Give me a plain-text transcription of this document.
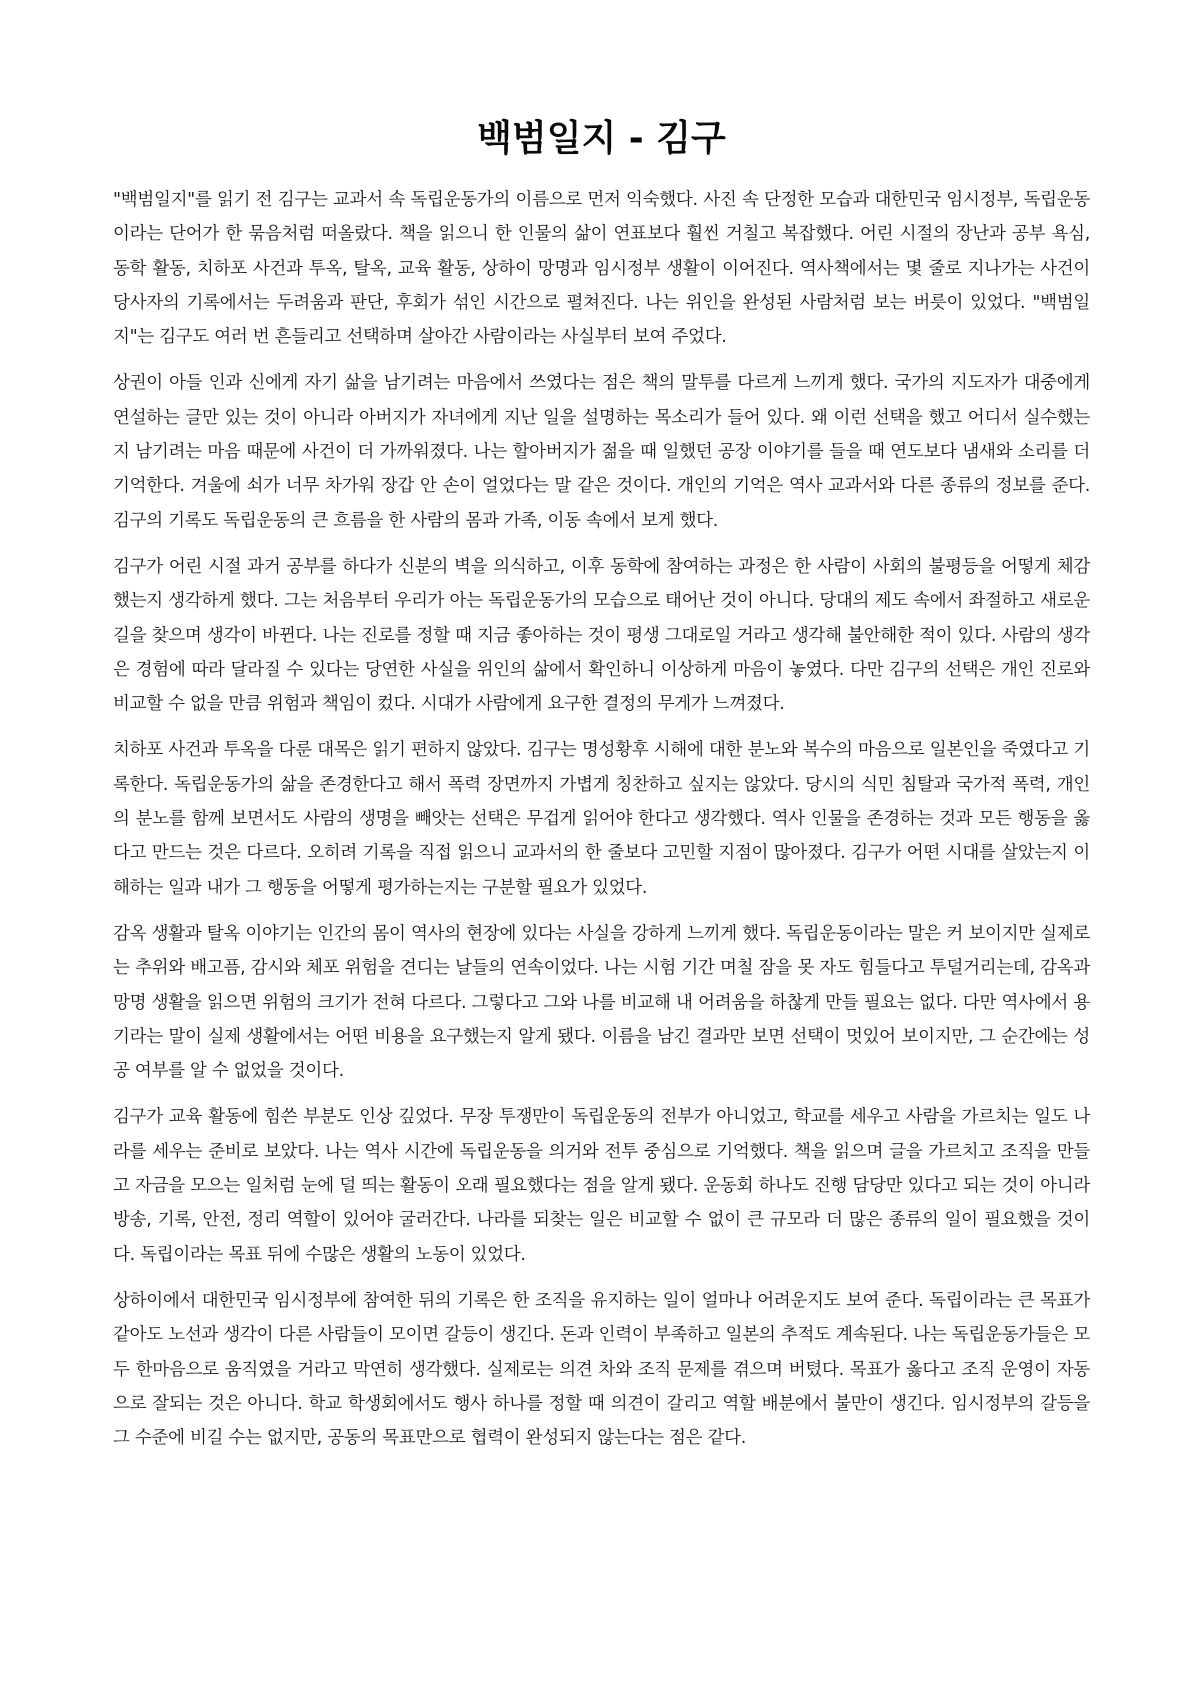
백범일지 - 김구

"백범일지"를 읽기 전 김구는 교과서 속 독립운동가의 이름으로 먼저 익숙했다. 사진 속 단정한 모습과 대한민국 임시정부, 독립운동이라는 단어가 한 묶음처럼 떠올랐다. 책을 읽으니 한 인물의 삶이 연표보다 훨씬 거칠고 복잡했다. 어린 시절의 장난과 공부 욕심, 동학 활동, 치하포 사건과 투옥, 탈옥, 교육 활동, 상하이 망명과 임시정부 생활이 이어진다. 역사책에서는 몇 줄로 지나가는 사건이 당사자의 기록에서는 두려움과 판단, 후회가 섞인 시간으로 펼쳐진다. 나는 위인을 완성된 사람처럼 보는 버릇이 있었다. "백범일지"는 김구도 여러 번 흔들리고 선택하며 살아간 사람이라는 사실부터 보여 주었다.

상권이 아들 인과 신에게 자기 삶을 남기려는 마음에서 쓰였다는 점은 책의 말투를 다르게 느끼게 했다. 국가의 지도자가 대중에게 연설하는 글만 있는 것이 아니라 아버지가 자녀에게 지난 일을 설명하는 목소리가 들어 있다. 왜 이런 선택을 했고 어디서 실수했는지 남기려는 마음 때문에 사건이 더 가까워졌다. 나는 할아버지가 젊을 때 일했던 공장 이야기를 들을 때 연도보다 냄새와 소리를 더 기억한다. 겨울에 쇠가 너무 차가워 장갑 안 손이 얼었다는 말 같은 것이다. 개인의 기억은 역사 교과서와 다른 종류의 정보를 준다. 김구의 기록도 독립운동의 큰 흐름을 한 사람의 몸과 가족, 이동 속에서 보게 했다.

김구가 어린 시절 과거 공부를 하다가 신분의 벽을 의식하고, 이후 동학에 참여하는 과정은 한 사람이 사회의 불평등을 어떻게 체감했는지 생각하게 했다. 그는 처음부터 우리가 아는 독립운동가의 모습으로 태어난 것이 아니다. 당대의 제도 속에서 좌절하고 새로운 길을 찾으며 생각이 바뀐다. 나는 진로를 정할 때 지금 좋아하는 것이 평생 그대로일 거라고 생각해 불안해한 적이 있다. 사람의 생각은 경험에 따라 달라질 수 있다는 당연한 사실을 위인의 삶에서 확인하니 이상하게 마음이 놓였다. 다만 김구의 선택은 개인 진로와 비교할 수 없을 만큼 위험과 책임이 컸다. 시대가 사람에게 요구한 결정의 무게가 느껴졌다.

치하포 사건과 투옥을 다룬 대목은 읽기 편하지 않았다. 김구는 명성황후 시해에 대한 분노와 복수의 마음으로 일본인을 죽였다고 기록한다. 독립운동가의 삶을 존경한다고 해서 폭력 장면까지 가볍게 칭찬하고 싶지는 않았다. 당시의 식민 침탈과 국가적 폭력, 개인의 분노를 함께 보면서도 사람의 생명을 빼앗는 선택은 무겁게 읽어야 한다고 생각했다. 역사 인물을 존경하는 것과 모든 행동을 옳다고 만드는 것은 다르다. 오히려 기록을 직접 읽으니 교과서의 한 줄보다 고민할 지점이 많아졌다. 김구가 어떤 시대를 살았는지 이해하는 일과 내가 그 행동을 어떻게 평가하는지는 구분할 필요가 있었다.

감옥 생활과 탈옥 이야기는 인간의 몸이 역사의 현장에 있다는 사실을 강하게 느끼게 했다. 독립운동이라는 말은 커 보이지만 실제로는 추위와 배고픔, 감시와 체포 위험을 견디는 날들의 연속이었다. 나는 시험 기간 며칠 잠을 못 자도 힘들다고 투덜거리는데, 감옥과 망명 생활을 읽으면 위험의 크기가 전혀 다르다. 그렇다고 그와 나를 비교해 내 어려움을 하찮게 만들 필요는 없다. 다만 역사에서 용기라는 말이 실제 생활에서는 어떤 비용을 요구했는지 알게 됐다. 이름을 남긴 결과만 보면 선택이 멋있어 보이지만, 그 순간에는 성공 여부를 알 수 없었을 것이다.

김구가 교육 활동에 힘쓴 부분도 인상 깊었다. 무장 투쟁만이 독립운동의 전부가 아니었고, 학교를 세우고 사람을 가르치는 일도 나라를 세우는 준비로 보았다. 나는 역사 시간에 독립운동을 의거와 전투 중심으로 기억했다. 책을 읽으며 글을 가르치고 조직을 만들고 자금을 모으는 일처럼 눈에 덜 띄는 활동이 오래 필요했다는 점을 알게 됐다. 운동회 하나도 진행 담당만 있다고 되는 것이 아니라 방송, 기록, 안전, 정리 역할이 있어야 굴러간다. 나라를 되찾는 일은 비교할 수 없이 큰 규모라 더 많은 종류의 일이 필요했을 것이다. 독립이라는 목표 뒤에 수많은 생활의 노동이 있었다.

상하이에서 대한민국 임시정부에 참여한 뒤의 기록은 한 조직을 유지하는 일이 얼마나 어려운지도 보여 준다. 독립이라는 큰 목표가 같아도 노선과 생각이 다른 사람들이 모이면 갈등이 생긴다. 돈과 인력이 부족하고 일본의 추적도 계속된다. 나는 독립운동가들은 모두 한마음으로 움직였을 거라고 막연히 생각했다. 실제로는 의견 차와 조직 문제를 겪으며 버텼다. 목표가 옳다고 조직 운영이 자동으로 잘되는 것은 아니다. 학교 학생회에서도 행사 하나를 정할 때 의견이 갈리고 역할 배분에서 불만이 생긴다. 임시정부의 갈등을 그 수준에 비길 수는 없지만, 공동의 목표만으로 협력이 완성되지 않는다는 점은 같다.
